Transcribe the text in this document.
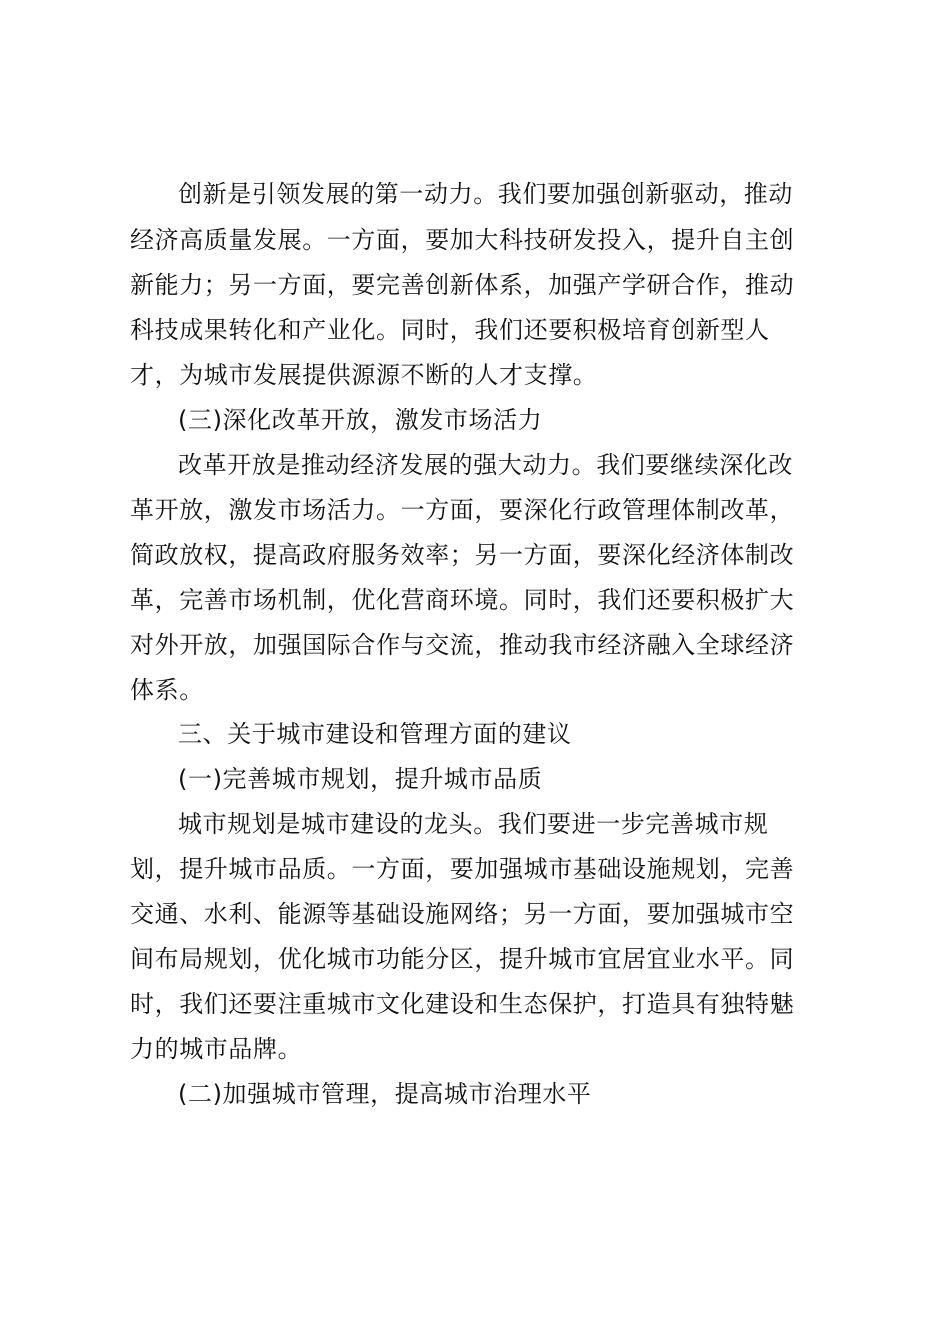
创新是引领发展的第一动力。我们要加强创新驱动，推动
经济高质量发展。一方面，要加大科技研发投入，提升自主创
新能力；另一方面，要完善创新体系，加强产学研合作，推动
科技成果转化和产业化。同时，我们还要积极培育创新型人
才，为城市发展提供源源不断的人才支撑。
(三)深化改革开放，激发市场活力
改革开放是推动经济发展的强大动力。我们要继续深化改
革开放，激发市场活力。一方面，要深化行政管理体制改革，
简政放权，提高政府服务效率；另一方面，要深化经济体制改
革，完善市场机制，优化营商环境。同时，我们还要积极扩大
对外开放，加强国际合作与交流，推动我市经济融入全球经济
体系。
三、关于城市建设和管理方面的建议
(一)完善城市规划，提升城市品质
城市规划是城市建设的龙头。我们要进一步完善城市规
划，提升城市品质。一方面，要加强城市基础设施规划，完善
交通、水利、能源等基础设施网络；另一方面，要加强城市空
间布局规划，优化城市功能分区，提升城市宜居宜业水平。同
时，我们还要注重城市文化建设和生态保护，打造具有独特魅
力的城市品牌。
(二)加强城市管理，提高城市治理水平
